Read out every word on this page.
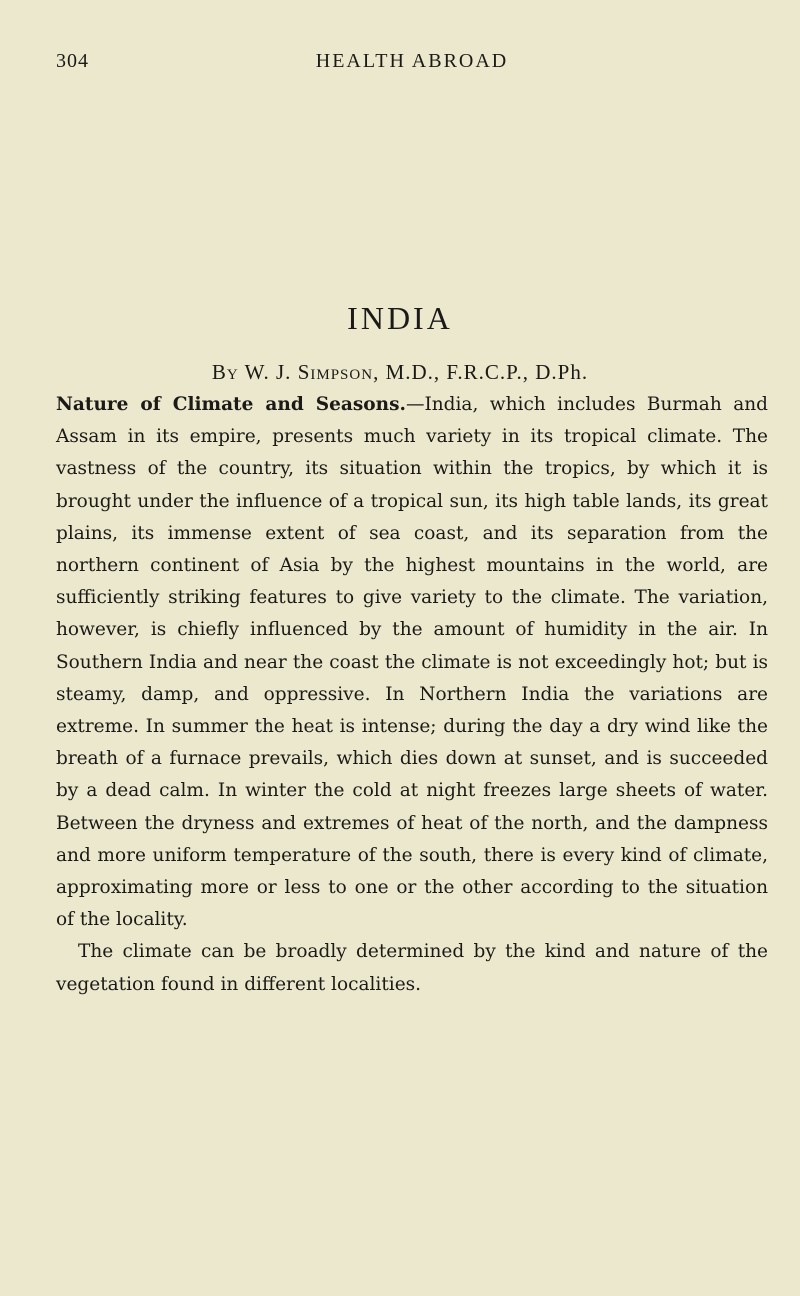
304	HEALTH ABROAD
INDIA
By W. J. Simpson, M.D., F.R.C.P., D.Ph.

Nature of Climate and Seasons.—India, which includes Burmah and Assam in its empire, presents much variety in its tropical climate. The vastness of the country, its situation within the tropics, by which it is brought under the influence of a tropical sun, its high table lands, its great plains, its immense extent of sea coast, and its separation from the northern continent of Asia by the highest mountains in the world, are sufficiently striking features to give variety to the climate. The variation, however, is chiefly influenced by the amount of humidity in the air. In Southern India and near the coast the climate is not exceedingly hot; but is steamy, damp, and oppressive. In Northern India the variations are extreme. In summer the heat is intense; during the day a dry wind like the breath of a furnace prevails, which dies down at sunset, and is succeeded by a dead calm. In winter the cold at night freezes large sheets of water. Between the dryness and extremes of heat of the north, and the dampness and more uniform temperature of the south, there is every kind of climate, approximating more or less to one or the other according to the situation of the locality.

The climate can be broadly determined by the kind and nature of the vegetation found in different localities.
